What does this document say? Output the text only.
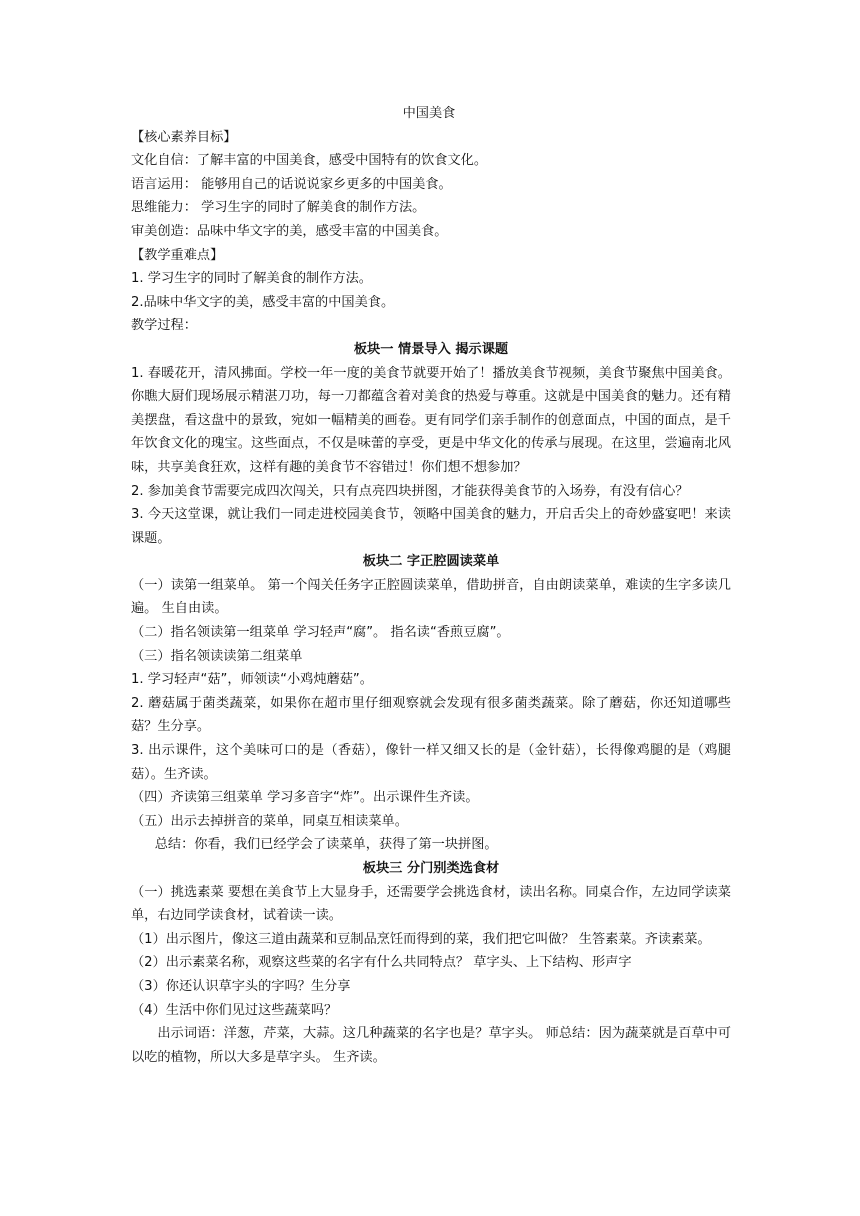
中国美食
【核心素养目标】
文化自信：了解丰富的中国美食，感受中国特有的饮食文化。
语言运用： 能够用自己的话说说家乡更多的中国美食。
思维能力： 学习生字的同时了解美食的制作方法。
审美创造：品味中华文字的美，感受丰富的中国美食。
【教学重难点】
1. 学习生字的同时了解美食的制作方法。
2.品味中华文字的美，感受丰富的中国美食。
教学过程：
板块一 情景导入 揭示课题
1. 春暖花开，清风拂面。学校一年一度的美食节就要开始了！播放美食节视频，美食节聚焦中国美食。你瞧大厨们现场展示精湛刀功，每一刀都蕴含着对美食的热爱与尊重。这就是中国美食的魅力。还有精美摆盘，看这盘中的景致，宛如一幅精美的画卷。更有同学们亲手制作的创意面点，中国的面点，是千年饮食文化的瑰宝。这些面点，不仅是味蕾的享受，更是中华文化的传承与展现。在这里，尝遍南北风味，共享美食狂欢，这样有趣的美食节不容错过！你们想不想参加？
2. 参加美食节需要完成四次闯关，只有点亮四块拼图，才能获得美食节的入场券，有没有信心？
3. 今天这堂课，就让我们一同走进校园美食节，领略中国美食的魅力，开启舌尖上的奇妙盛宴吧！来读课题。
板块二 字正腔圆读菜单
（一）读第一组菜单。 第一个闯关任务字正腔圆读菜单，借助拼音，自由朗读菜单，难读的生字多读几遍。 生自由读。
（二）指名领读第一组菜单 学习轻声“腐”。 指名读“香煎豆腐”。
（三）指名领读读第二组菜单
1. 学习轻声“菇”，师领读“小鸡炖蘑菇”。
2. 蘑菇属于菌类蔬菜，如果你在超市里仔细观察就会发现有很多菌类蔬菜。除了蘑菇，你还知道哪些菇？生分享。
3. 出示课件，这个美味可口的是（香菇），像针一样又细又长的是（金针菇），长得像鸡腿的是（鸡腿菇）。生齐读。
（四）齐读第三组菜单 学习多音字“炸”。出示课件生齐读。
（五）出示去掉拼音的菜单，同桌互相读菜单。
总结：你看，我们已经学会了读菜单，获得了第一块拼图。
板块三 分门别类选食材
（一）挑选素菜 要想在美食节上大显身手，还需要学会挑选食材，读出名称。同桌合作，左边同学读菜单，右边同学读食材，试着读一读。
（1）出示图片，像这三道由蔬菜和豆制品烹饪而得到的菜，我们把它叫做？ 生答素菜。齐读素菜。
（2）出示素菜名称，观察这些菜的名字有什么共同特点？ 草字头、上下结构、形声字
（3）你还认识草字头的字吗？生分享
（4）生活中你们见过这些蔬菜吗？
出示词语：洋葱，芹菜，大蒜。这几种蔬菜的名字也是？草字头。 师总结：因为蔬菜就是百草中可以吃的植物，所以大多是草字头。 生齐读。
